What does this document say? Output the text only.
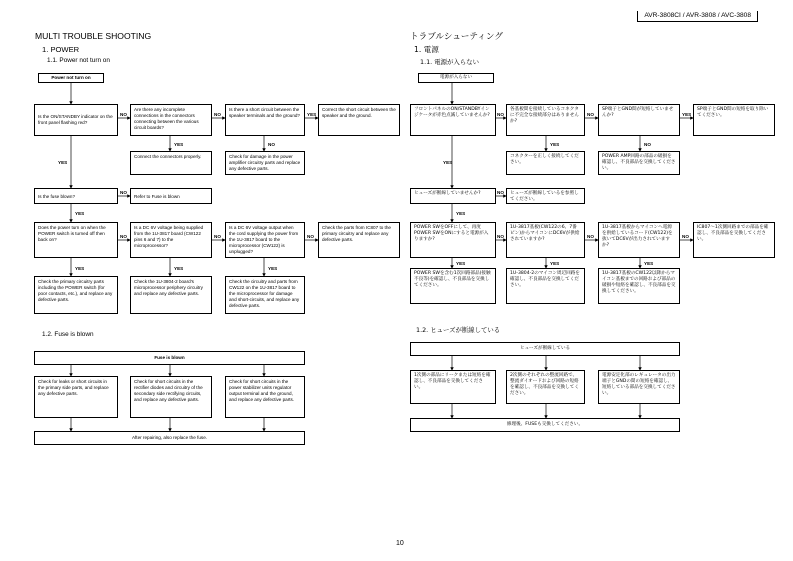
AVR-3808CI / AVR-3808 / AVC-3808
MULTI TROUBLE SHOOTING
1. POWER
1.1. Power not turn on
Power not turn on
Is the ON/STANDBY indicator on the front panel flashing red?
Are there any incomplete connections in the connectors connecting between the various circuit boards?
Is there a short circuit between the speaker terminals and the ground?
Correct the short circuit between the speaker and the ground.
Connect the connectors properly.	Check for damage in the power amplifier circuitry parts and replace any defective parts.
Is the fuse blown?	Refer to Fuse is blown
Does the power turn on when the POWER switch is turned off then back on?
Is a DC 6V voltage being supplied from the 1U-3817 board (CW122 pins 6 and 7) to the microprocessor?
Is a DC 6V voltage output when the cord supplying the power from the 1U-3817 board to the microprocessor (CW122) is unplugged?
Check the parts from IC807 to the primary circuitry and replace any defective parts.
Check the primary circuitry parts including the POWER switch (for poor contacts, etc.), and replace any defective parts.
Check the 1U-3804-2 board's microprocessor periphery circuitry and replace any defective parts.
Check the circuitry and parts from CW122 on the 1U-3817 board to the microprocessor for damage and short-circuits, and replace any defective parts.
1.2. Fuse is blown
Fuse is blown
Check for leaks or short circuits in the primary side parts, and replace any defective parts.
Check for short circuits in the rectifier diodes and circuitry of the secondary side rectifying circuits, and replace any defective parts.
Check for short circuits in the power stabilizer units regulator output terminal and the ground, and replace any defective parts.
After repairing, also replace the fuse.
NO	NO	YES
YES	NO
YES
NO
YES
NO	NO	NO
YES	YES	YES
トラブルシューティング
1. 電源
1.1. 電源が入らない
電源が入らない
フロントパネルのON/STANDBYインジケータが赤色点滅していませんか?
各基板間を接続しているコネクタに不完全な接続部分はありませんか?
SP端子とGND間が短絡していませんか?
SP端子とGND間の短絡を取り除いてください。
コネクターを正しく接続してください。
POWER AMP回路の部品の破損を確認し、不良部品を交換してください。
ヒューズが断線していませんか?	ヒューズが断線しているを参照してください。
POWER SWをOFFにして、再度POWER SWをONにすると電源が入りますか?
1U-3817基板(CW122の6、7番ピン)からマイコンにDC6Vが供給されていますか?
1U-3817基板からマイコンへ電源を供給しているコード(CW122)を抜いてDC6Vが出力されていますか?
IC807〜1次側回路までの部品を確認し、不良部品を交換してください。
POWER SWを含む1次回路部品(接触不良等)を確認し、不良部品を交換してください。
1U-3804-2のマイコン周辺回路を確認し、不良部品を交換してください。
1U-3817基板のCW122以降からマイコン基板までの回路および部品の破損や短絡を確認し、不良部品を交換してください。
1.2. ヒューズが断線している
ヒューズが断線している
1次側の部品にリークまたは短絡を確認し、不良部品を交換してください。
2次側のそれぞれの整流回路で、整流ダイオードおよび回路の短絡を確認し、不良部品を交換してください。
電源安定化部のレギュレータの出力端子とGNDの間の短絡を確認し、短絡している部品を交換してください。
修理後、FUSEも交換してください。
NO	NO	YES
YES	NO
YES
NO
YES
NO	NO	NO
YES	YES	YES
10
